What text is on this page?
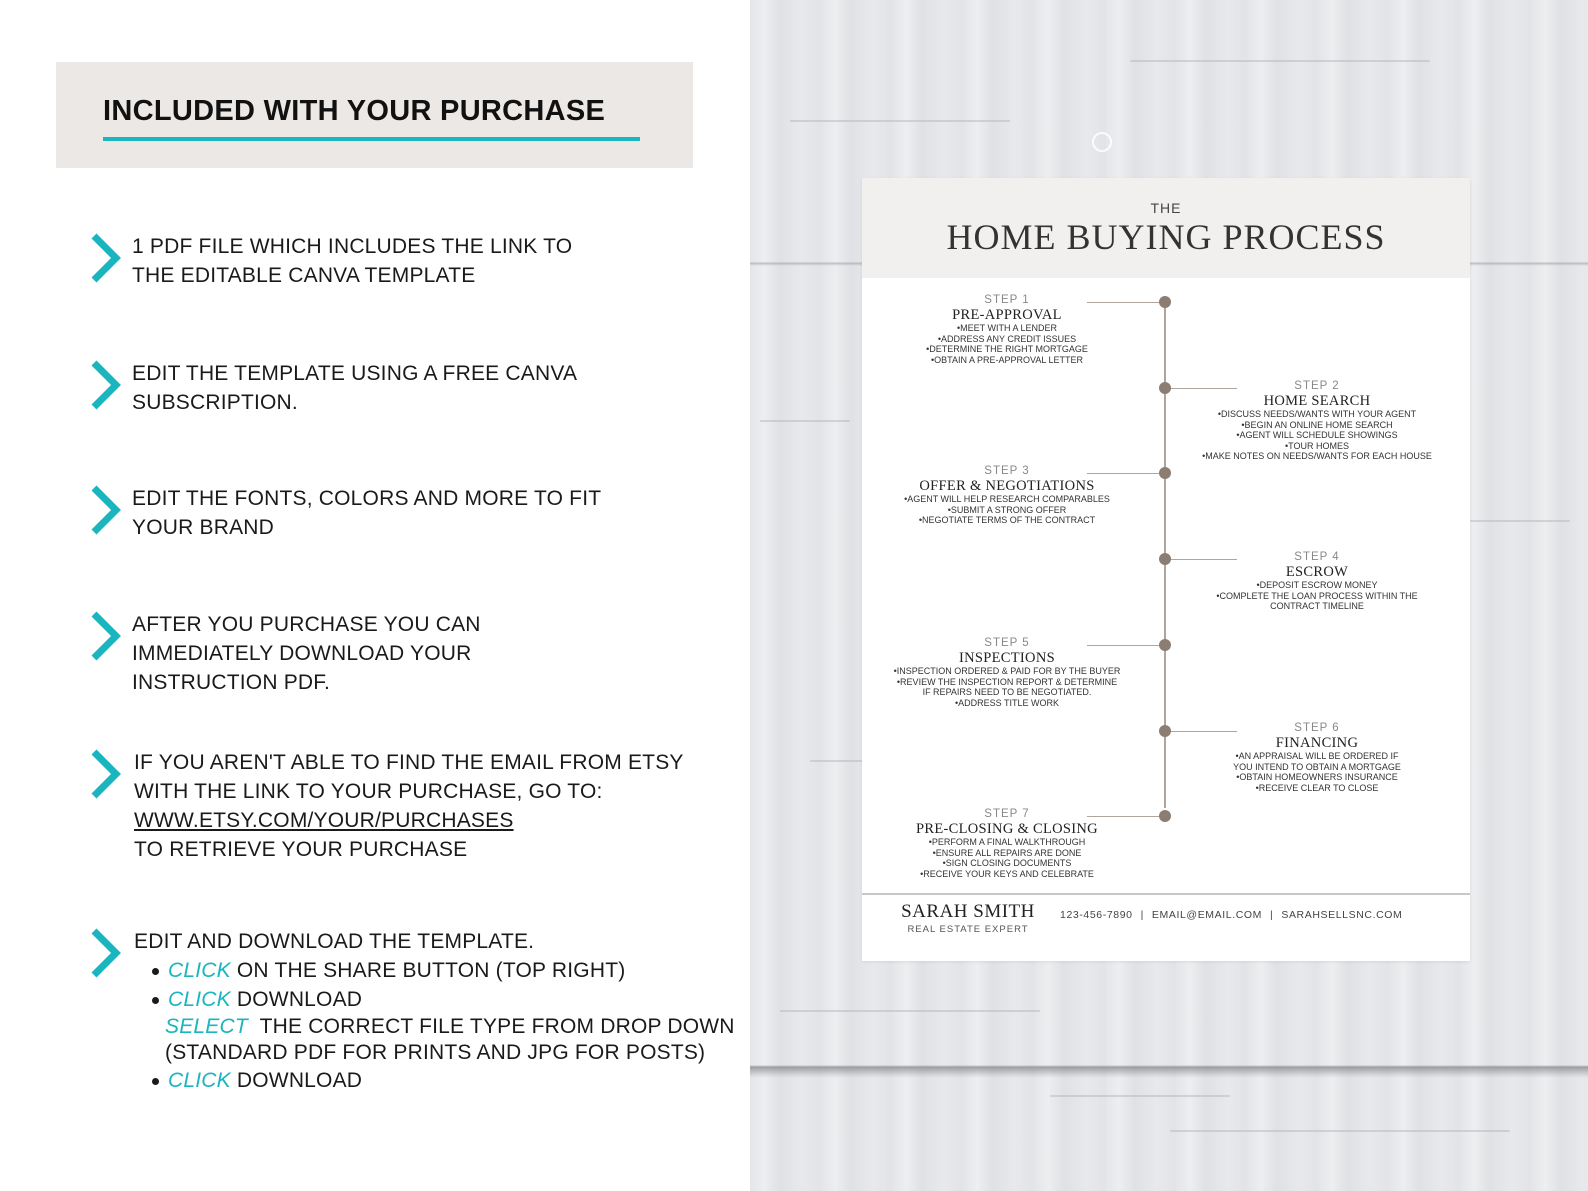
INCLUDED WITH YOUR PURCHASE
1 PDF FILE WHICH INCLUDES THE LINK TO
THE EDITABLE CANVA TEMPLATE
EDIT THE TEMPLATE USING A FREE CANVA
SUBSCRIPTION.
EDIT THE FONTS, COLORS AND MORE TO FIT
YOUR BRAND
AFTER YOU PURCHASE YOU CAN
IMMEDIATELY DOWNLOAD YOUR
INSTRUCTION PDF.
IF YOU AREN'T ABLE TO FIND THE EMAIL FROM ETSY
WITH THE LINK TO YOUR PURCHASE, GO TO:
WWW.ETSY.COM/YOUR/PURCHASES
TO RETRIEVE YOUR PURCHASE
EDIT AND DOWNLOAD THE TEMPLATE.
CLICK ON THE SHARE BUTTON (TOP RIGHT)
CLICK DOWNLOAD
SELECT  THE CORRECT FILE TYPE FROM DROP DOWN
(STANDARD PDF FOR PRINTS AND JPG FOR POSTS)
CLICK DOWNLOAD
THE
HOME BUYING PROCESS
STEP 1
PRE-APPROVAL
•MEET WITH A LENDER
•ADDRESS ANY CREDIT ISSUES
•DETERMINE THE RIGHT MORTGAGE
•OBTAIN A PRE-APPROVAL LETTER
STEP 2
HOME SEARCH
•DISCUSS NEEDS/WANTS WITH YOUR AGENT
•BEGIN AN ONLINE HOME SEARCH
•AGENT WILL SCHEDULE SHOWINGS
•TOUR HOMES
•MAKE NOTES ON NEEDS/WANTS FOR EACH HOUSE
STEP 3
OFFER & NEGOTIATIONS
•AGENT WILL HELP RESEARCH COMPARABLES
•SUBMIT A STRONG OFFER
•NEGOTIATE TERMS OF THE CONTRACT
STEP 4
ESCROW
•DEPOSIT ESCROW MONEY
•COMPLETE THE LOAN PROCESS WITHIN THE
CONTRACT TIMELINE
STEP 5
INSPECTIONS
•INSPECTION ORDERED & PAID FOR BY THE BUYER
•REVIEW THE INSPECTION REPORT & DETERMINE
IF REPAIRS NEED TO BE NEGOTIATED.
•ADDRESS TITLE WORK
STEP 6
FINANCING
•AN APPRAISAL WILL BE ORDERED IF
YOU INTEND TO OBTAIN A MORTGAGE
•OBTAIN HOMEOWNERS INSURANCE
•RECEIVE CLEAR TO CLOSE
STEP 7
PRE-CLOSING & CLOSING
•PERFORM A FINAL WALKTHROUGH
•ENSURE ALL REPAIRS ARE DONE
•SIGN CLOSING DOCUMENTS
•RECEIVE YOUR KEYS AND CELEBRATE
SARAH SMITH
REAL ESTATE EXPERT
123-456-7890 | EMAIL@EMAIL.COM | SARAHSELLSNC.COM
